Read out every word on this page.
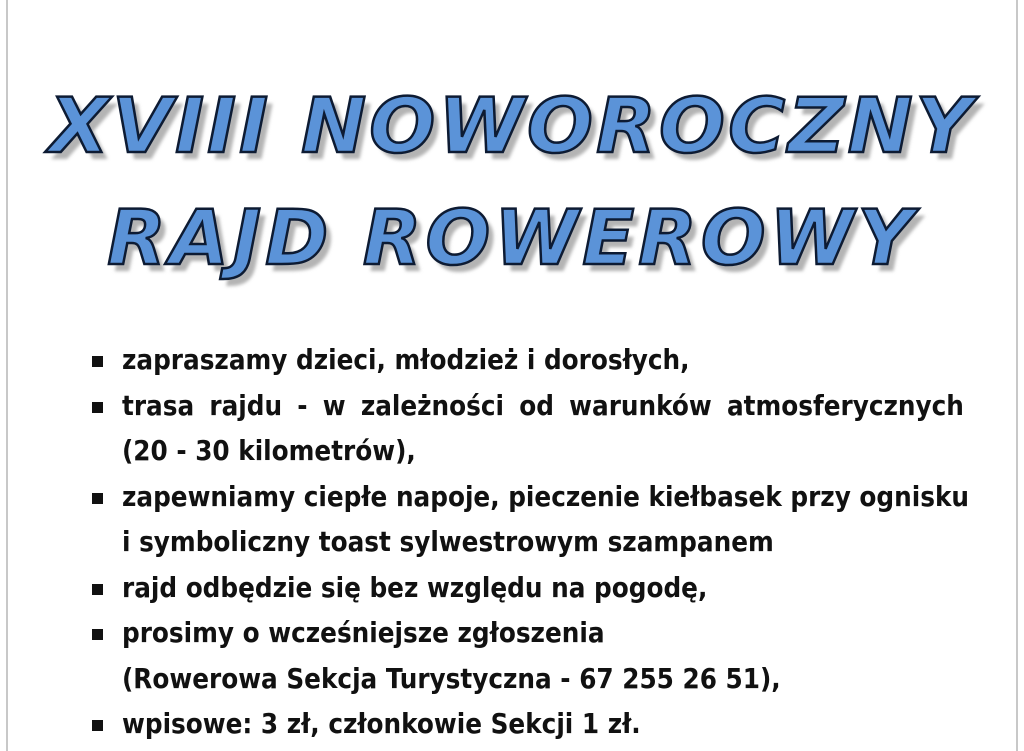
XVIII NOWOROCZNY
RAJD ROWEROWY
zapraszamy dzieci, młodzież i dorosłych,
trasa rajdu - w zależności od warunków atmosferycznych
(20 - 30 kilometrów),
zapewniamy ciepłe napoje, pieczenie kiełbasek przy ognisku
i symboliczny toast sylwestrowym szampanem
rajd odbędzie się bez względu na pogodę,
prosimy o wcześniejsze zgłoszenia
(Rowerowa Sekcja Turystyczna - 67 255 26 51),
wpisowe: 3 zł, członkowie Sekcji 1 zł.
